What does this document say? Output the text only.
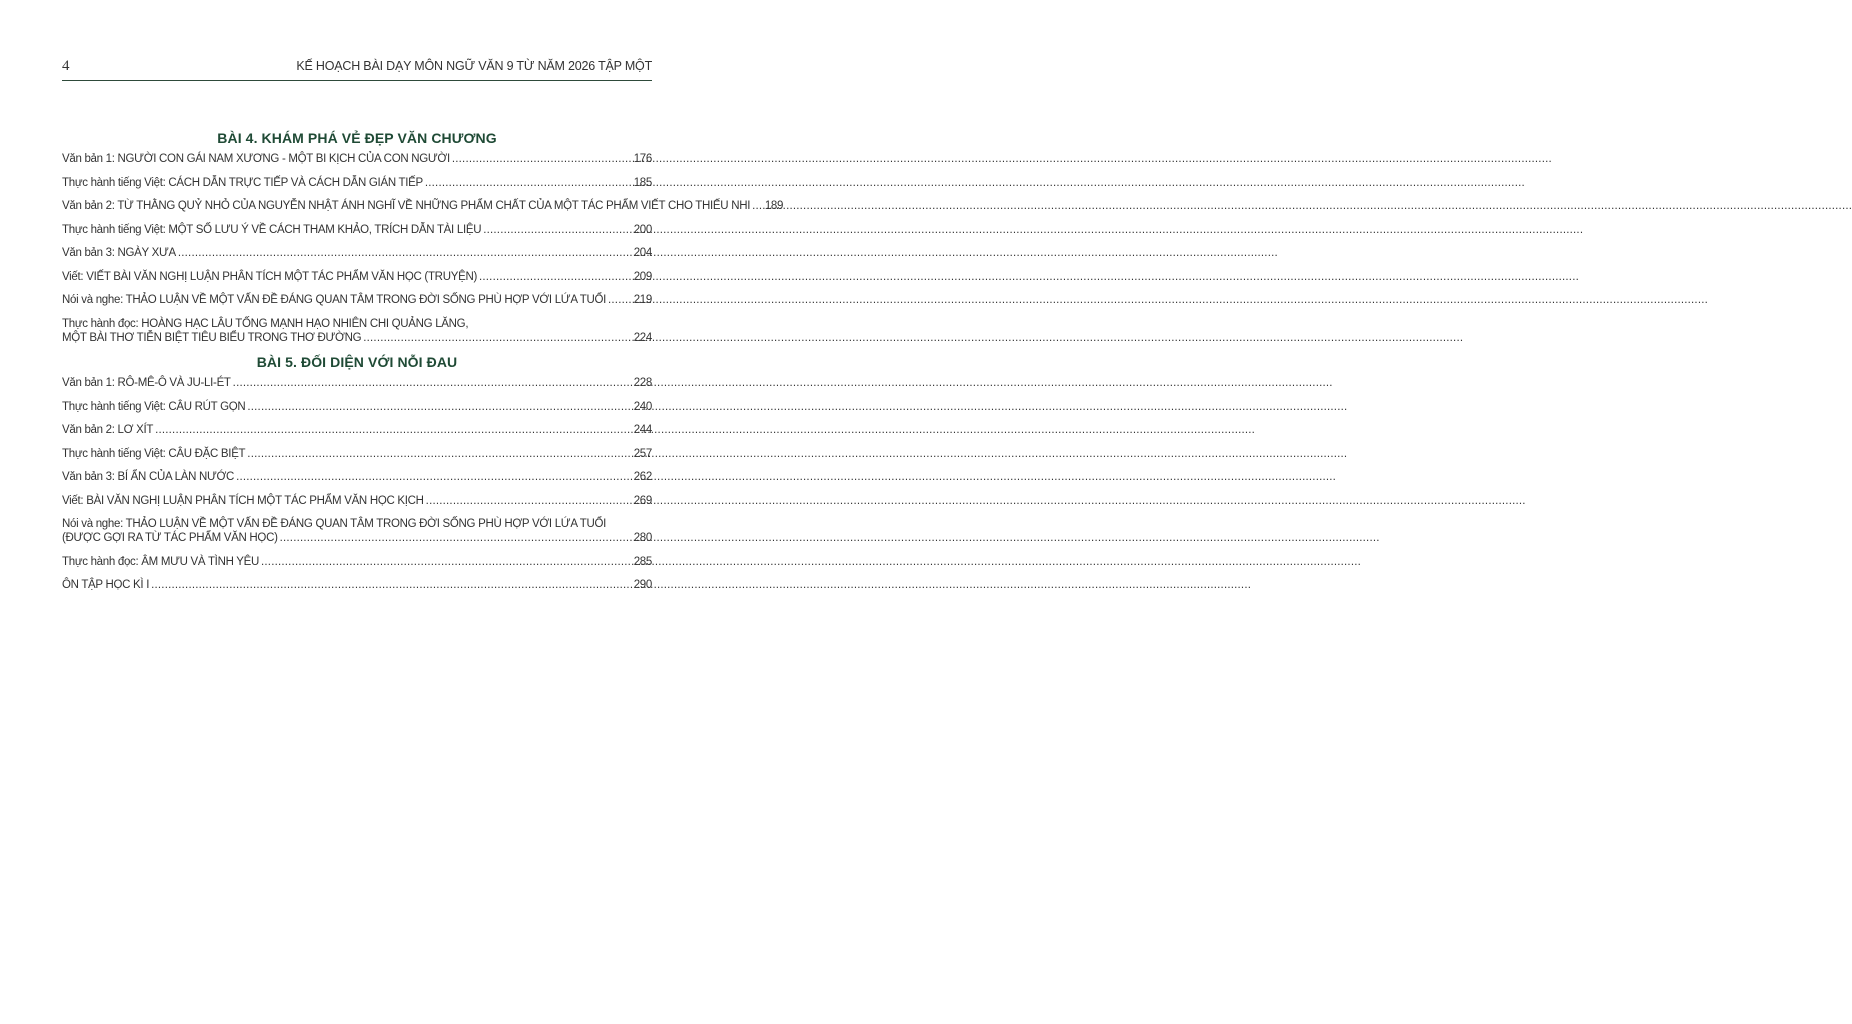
4	KẾ HOẠCH BÀI DẠY MÔN NGỮ VĂN 9 TỪ NĂM 2026 TẬP MỘT
BÀI 4. KHÁM PHÁ VẺ ĐẸP VĂN CHƯƠNG
Văn bản 1: NGƯỜI CON GÁI NAM XƯƠNG - MỘT BI KỊCH CỦA CON NGƯỜI .....	176
Thực hành tiếng Việt: CÁCH DẪN TRỰC TIẾP VÀ CÁCH DẪN GIÁN TIẾP .....	185
Văn bản 2: TỪ THẰNG QUỶ NHỎ CỦA NGUYỄN NHẬT ÁNH NGHĨ VỀ NHỮNG PHẨM CHẤT CỦA MỘT TÁC PHẨM VIẾT CHO THIẾU NHI .....	189
Thực hành tiếng Việt: MỘT SỐ LƯU Ý VỀ CÁCH THAM KHẢO, TRÍCH DẪN TÀI LIỆU .....	200
Văn bản 3: NGÀY XƯA .....	204
Viết: VIẾT BÀI VĂN NGHỊ LUẬN PHÂN TÍCH MỘT TÁC PHẨM VĂN HỌC (TRUYỆN) .....	209
Nói và nghe: THẢO LUẬN VỀ MỘT VẤN ĐỀ ĐÁNG QUAN TÂM TRONG ĐỜI SỐNG PHÙ HỢP VỚI LỨA TUỔI .....	219
Thực hành đọc: HOÀNG HẠC LÂU TỐNG MẠNH HẠO NHIÊN CHI QUẢNG LĂNG,
MỘT BÀI THƠ TIỄN BIỆT TIÊU BIỂU TRONG THƠ ĐƯỜNG .....	224
BÀI 5. ĐỐI DIỆN VỚI NỖI ĐAU
Văn bản 1: RÔ-MÊ-Ô VÀ JU-LI-ÉT .....	228
Thực hành tiếng Việt: CÂU RÚT GỌN .....	240
Văn bản 2: LƠ XÍT .....	244
Thực hành tiếng Việt: CÂU ĐẶC BIỆT .....	257
Văn bản 3: BÍ ẨN CỦA LÀN NƯỚC .....	262
Viết: BÀI VĂN NGHỊ LUẬN PHÂN TÍCH MỘT TÁC PHẨM VĂN HỌC KỊCH .....	269
Nói và nghe: THẢO LUẬN VỀ MỘT VẤN ĐỀ ĐÁNG QUAN TÂM TRONG ĐỜI SỐNG PHÙ HỢP VỚI LỨA TUỔI
(ĐƯỢC GỢI RA TỪ TÁC PHẨM VĂN HỌC) .....	280
Thực hành đọc: ÂM MƯU VÀ TÌNH YÊU .....	285
ÔN TẬP HỌC KÌ I .....	290
